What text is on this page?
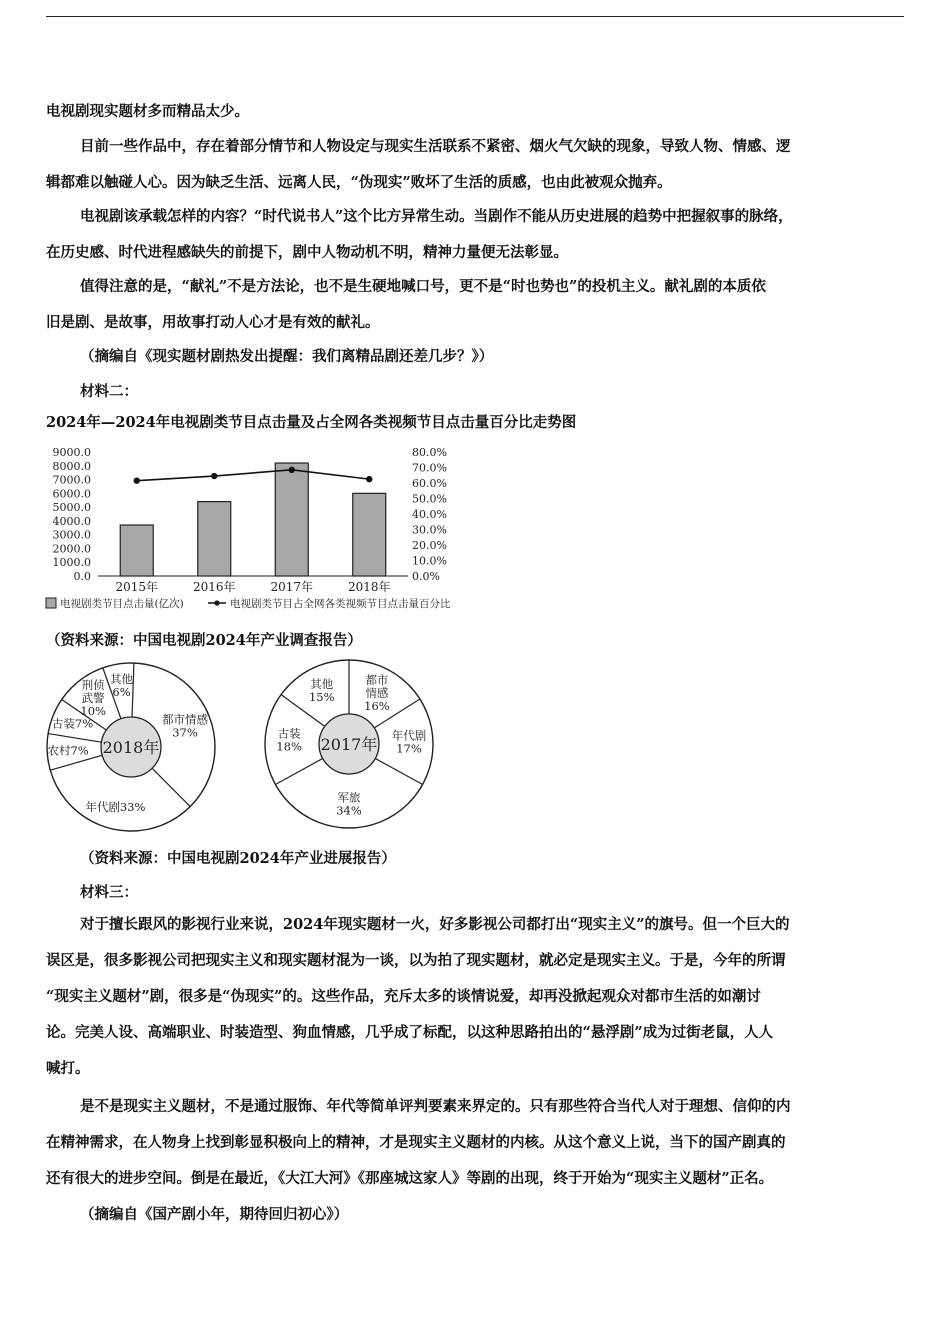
电视剧现实题材多而精品太少。
目前一些作品中，存在着部分情节和人物设定与现实生活联系不紧密、烟火气欠缺的现象，导致人物、情感、逻
辑都难以触碰人心。因为缺乏生活、远离人民，“伪现实”败坏了生活的质感，也由此被观众抛弃。
电视剧该承载怎样的内容？“时代说书人”这个比方异常生动。当剧作不能从历史进展的趋势中把握叙事的脉络，
在历史感、时代进程感缺失的前提下，剧中人物动机不明，精神力量便无法彰显。
值得注意的是，“献礼”不是方法论，也不是生硬地喊口号，更不是“时也势也”的投机主义。献礼剧的本质依
旧是剧、是故事，用故事打动人心才是有效的献礼。
（摘编自《现实题材剧热发出提醒：我们离精品剧还差几步？》）
材料二：
2024年—2024年电视剧类节目点击量及占全网各类视频节目点击量百分比走势图
9000.0
8000.0
7000.0
6000.0
5000.0
4000.0
3000.0
2000.0
1000.0
0.0
80.0%
70.0%
60.0%
50.0%
40.0%
30.0%
20.0%
10.0%
0.0%
2015年	2016年	2017年	2018年
电视剧类节目点击量(亿次)	电视剧类节目占全网各类视频节目点击量百分比
（资料来源：中国电视剧2024年产业调查报告）
2018年
都市情感
37%
年代剧33%
农村7%
古装7%
刑侦
武警
10%
其他
6%
2017年
都市
情感
16%
年代剧
17%
军旅
34%
古装
18%
其他
15%
（资料来源：中国电视剧2024年产业进展报告）
材料三：
对于擅长跟风的影视行业来说，2024年现实题材一火，好多影视公司都打出“现实主义”的旗号。但一个巨大的
误区是，很多影视公司把现实主义和现实题材混为一谈，以为拍了现实题材，就必定是现实主义。于是，今年的所谓
“现实主义题材”剧，很多是“伪现实”的。这些作品，充斥太多的谈情说爱，却再没掀起观众对都市生活的如潮讨
论。完美人设、高端职业、时装造型、狗血情感，几乎成了标配，以这种思路拍出的“悬浮剧”成为过街老鼠，人人
喊打。
是不是现实主义题材，不是通过服饰、年代等简单评判要素来界定的。只有那些符合当代人对于理想、信仰的内
在精神需求，在人物身上找到彰显积极向上的精神，才是现实主义题材的内核。从这个意义上说，当下的国产剧真的
还有很大的进步空间。倒是在最近，《大江大河》《那座城这家人》等剧的出现，终于开始为“现实主义题材”正名。
（摘编自《国产剧小年，期待回归初心》）
